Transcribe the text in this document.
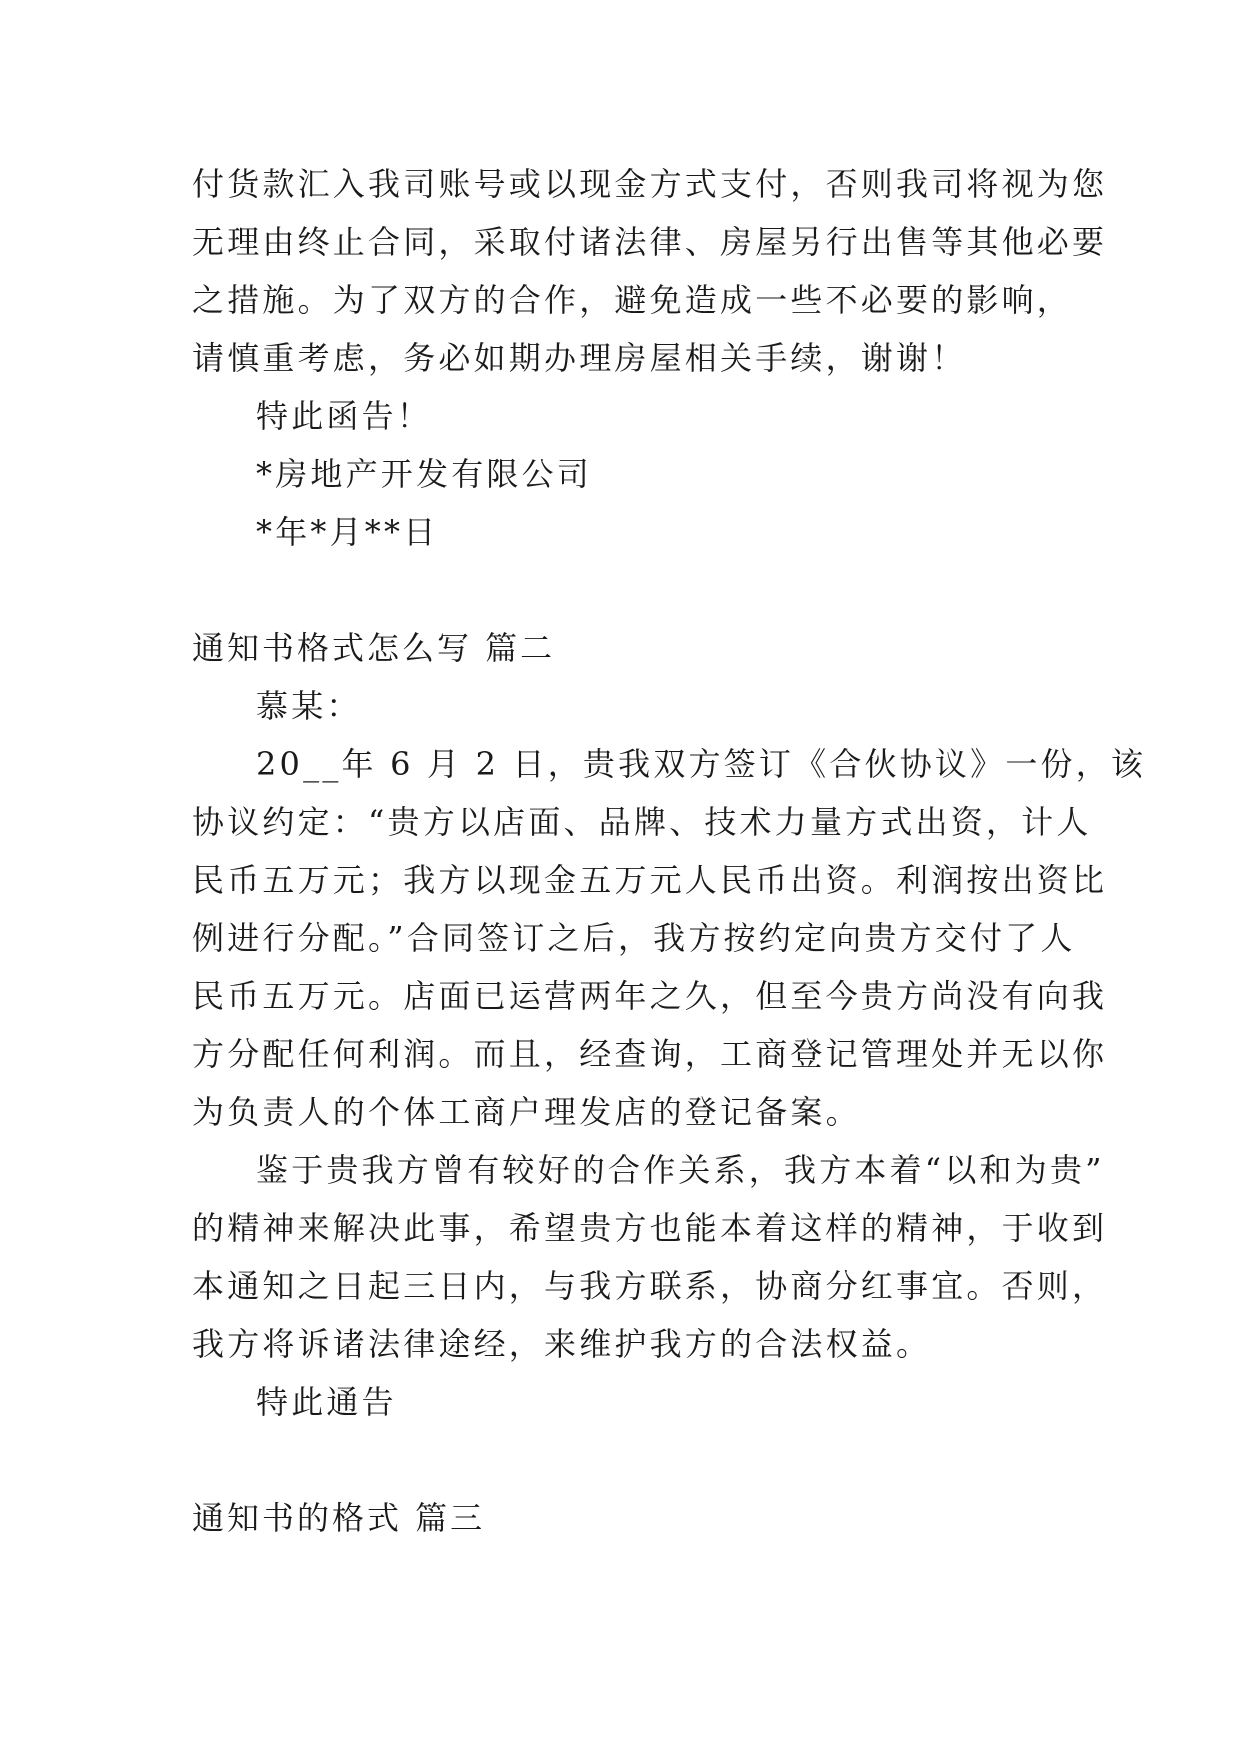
付货款汇入我司账号或以现金方式支付，否则我司将视为您
无理由终止合同，采取付诸法律、房屋另行出售等其他必要
之措施。为了双方的合作，避免造成一些不必要的影响，
请慎重考虑，务必如期办理房屋相关手续，谢谢！
特此函告！
*房地产开发有限公司
*年*月**日
通知书格式怎么写 篇二
慕某：
20__年 6 月 2 日，贵我双方签订《合伙协议》一份，该
协议约定：“贵方以店面、品牌、技术力量方式出资，计人
民币五万元；我方以现金五万元人民币出资。利润按出资比
例进行分配。”合同签订之后，我方按约定向贵方交付了人
民币五万元。店面已运营两年之久，但至今贵方尚没有向我
方分配任何利润。而且，经查询，工商登记管理处并无以你
为负责人的个体工商户理发店的登记备案。
鉴于贵我方曾有较好的合作关系，我方本着“以和为贵”
的精神来解决此事，希望贵方也能本着这样的精神，于收到
本通知之日起三日内，与我方联系，协商分红事宜。否则，
我方将诉诸法律途经，来维护我方的合法权益。
特此通告
通知书的格式 篇三
